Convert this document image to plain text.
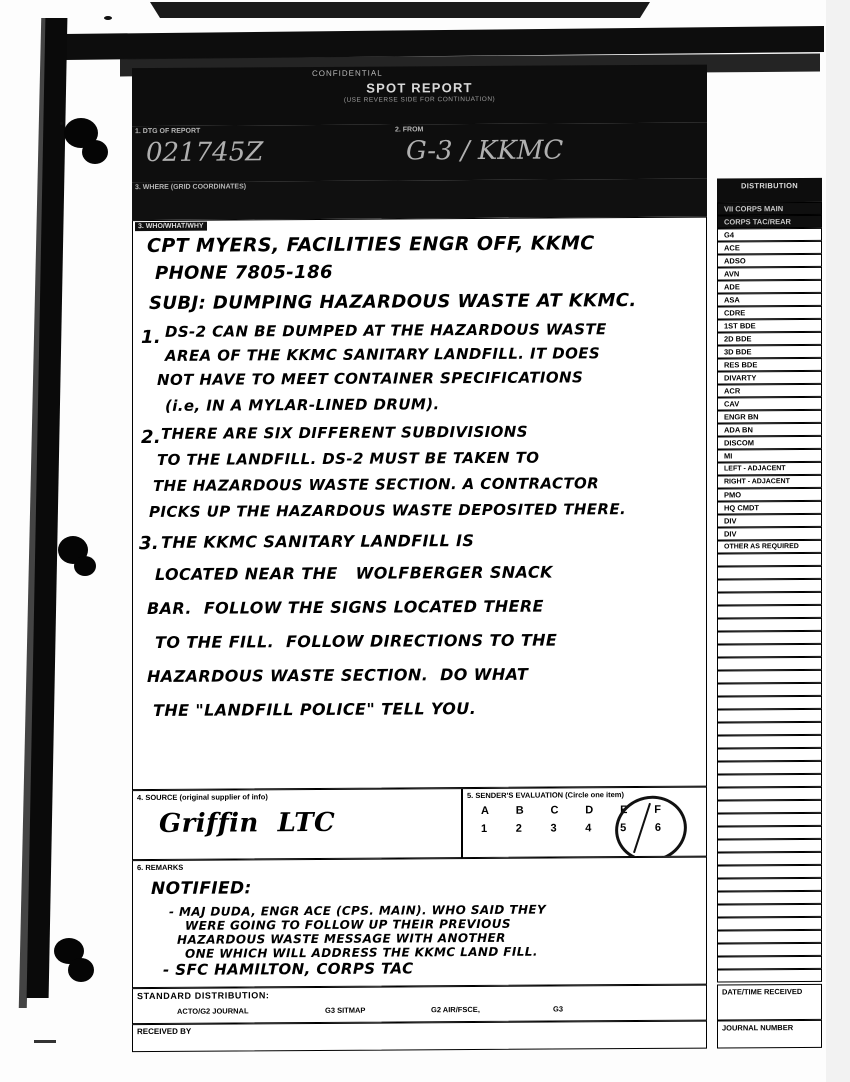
CONFIDENTIAL
SPOT REPORT
(USE REVERSE SIDE FOR CONTINUATION)
1. DTG OF REPORT
021745Z
2. FROM
G-3 / KKMC
3. WHERE (GRID COORDINATES)
3. WHO/WHAT/WHY
CPT MYERS, FACILITIES ENGR OFF, KKMC
PHONE 7805-186
SUBJ: DUMPING HAZARDOUS WASTE AT KKMC.
1. DS-2 CAN BE DUMPED AT THE HAZARDOUS WASTE
AREA OF THE KKMC SANITARY LANDFILL. IT DOES
NOT HAVE TO MEET CONTAINER SPECIFICATIONS
(i.e, IN A MYLAR-LINED DRUM).
2. THERE ARE SIX DIFFERENT SUBDIVISIONS
TO THE LANDFILL. DS-2 MUST BE TAKEN TO
THE HAZARDOUS WASTE SECTION. A CONTRACTOR
PICKS UP THE HAZARDOUS WASTE DEPOSITED THERE.
3. THE KKMC SANITARY LANDFILL IS
LOCATED NEAR THE   WOLFBERGER SNACK
BAR.  FOLLOW THE SIGNS LOCATED THERE
TO THE FILL.  FOLLOW DIRECTIONS TO THE
HAZARDOUS WASTE SECTION.  DO WHAT
THE "LANDFILL POLICE" TELL YOU.
4. SOURCE (original supplier of info)
Griffin  LTC
5. SENDER'S EVALUATION (Circle one item)
A B C D E F
1	2	3	4	5	6
6. REMARKS
NOTIFIED:
- MAJ DUDA, ENGR ACE (CPS. MAIN). WHO SAID THEY
WERE GOING TO FOLLOW UP THEIR PREVIOUS
HAZARDOUS WASTE MESSAGE WITH ANOTHER
ONE WHICH WILL ADDRESS THE KKMC LAND FILL.
- SFC HAMILTON, CORPS TAC
STANDARD DISTRIBUTION:
ACTO/G2 JOURNAL	G3 SITMAP	G2 AIR/FSCE,	G3
RECEIVED BY
DISTRIBUTION
VII CORPS MAIN
CORPS TAC/REAR
G4
ACE
ADSO
AVN
ADE
ASA
CDRE
1ST BDE
2D BDE
3D BDE
RES BDE
DIVARTY
ACR
CAV
ENGR BN
ADA BN
DISCOM
MI
LEFT - ADJACENT
RIGHT - ADJACENT
PMO
HQ CMDT
DIV
DIV
OTHER AS REQUIRED
DATE/TIME RECEIVED
JOURNAL NUMBER
